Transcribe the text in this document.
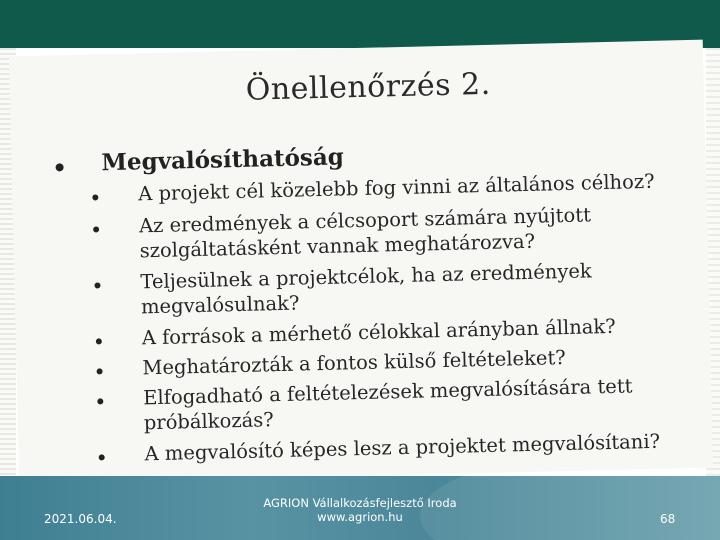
Önellenőrzés 2.
Megvalósíthatóság
A projekt cél közelebb fog vinni az általános célhoz?
Az eredmények a célcsoport számára nyújtott szolgáltatásként vannak meghatározva?
Teljesülnek a projektcélok, ha az eredmények megvalósulnak?
A források a mérhető célokkal arányban állnak?
Meghatározták a fontos külső feltételeket?
Elfogadható a feltételezések megvalósítására tett próbálkozás?
A megvalósító képes lesz a projektet megvalósítani?
2021.06.04.
AGRION Vállalkozásfejlesztő Iroda
www.agrion.hu	68
